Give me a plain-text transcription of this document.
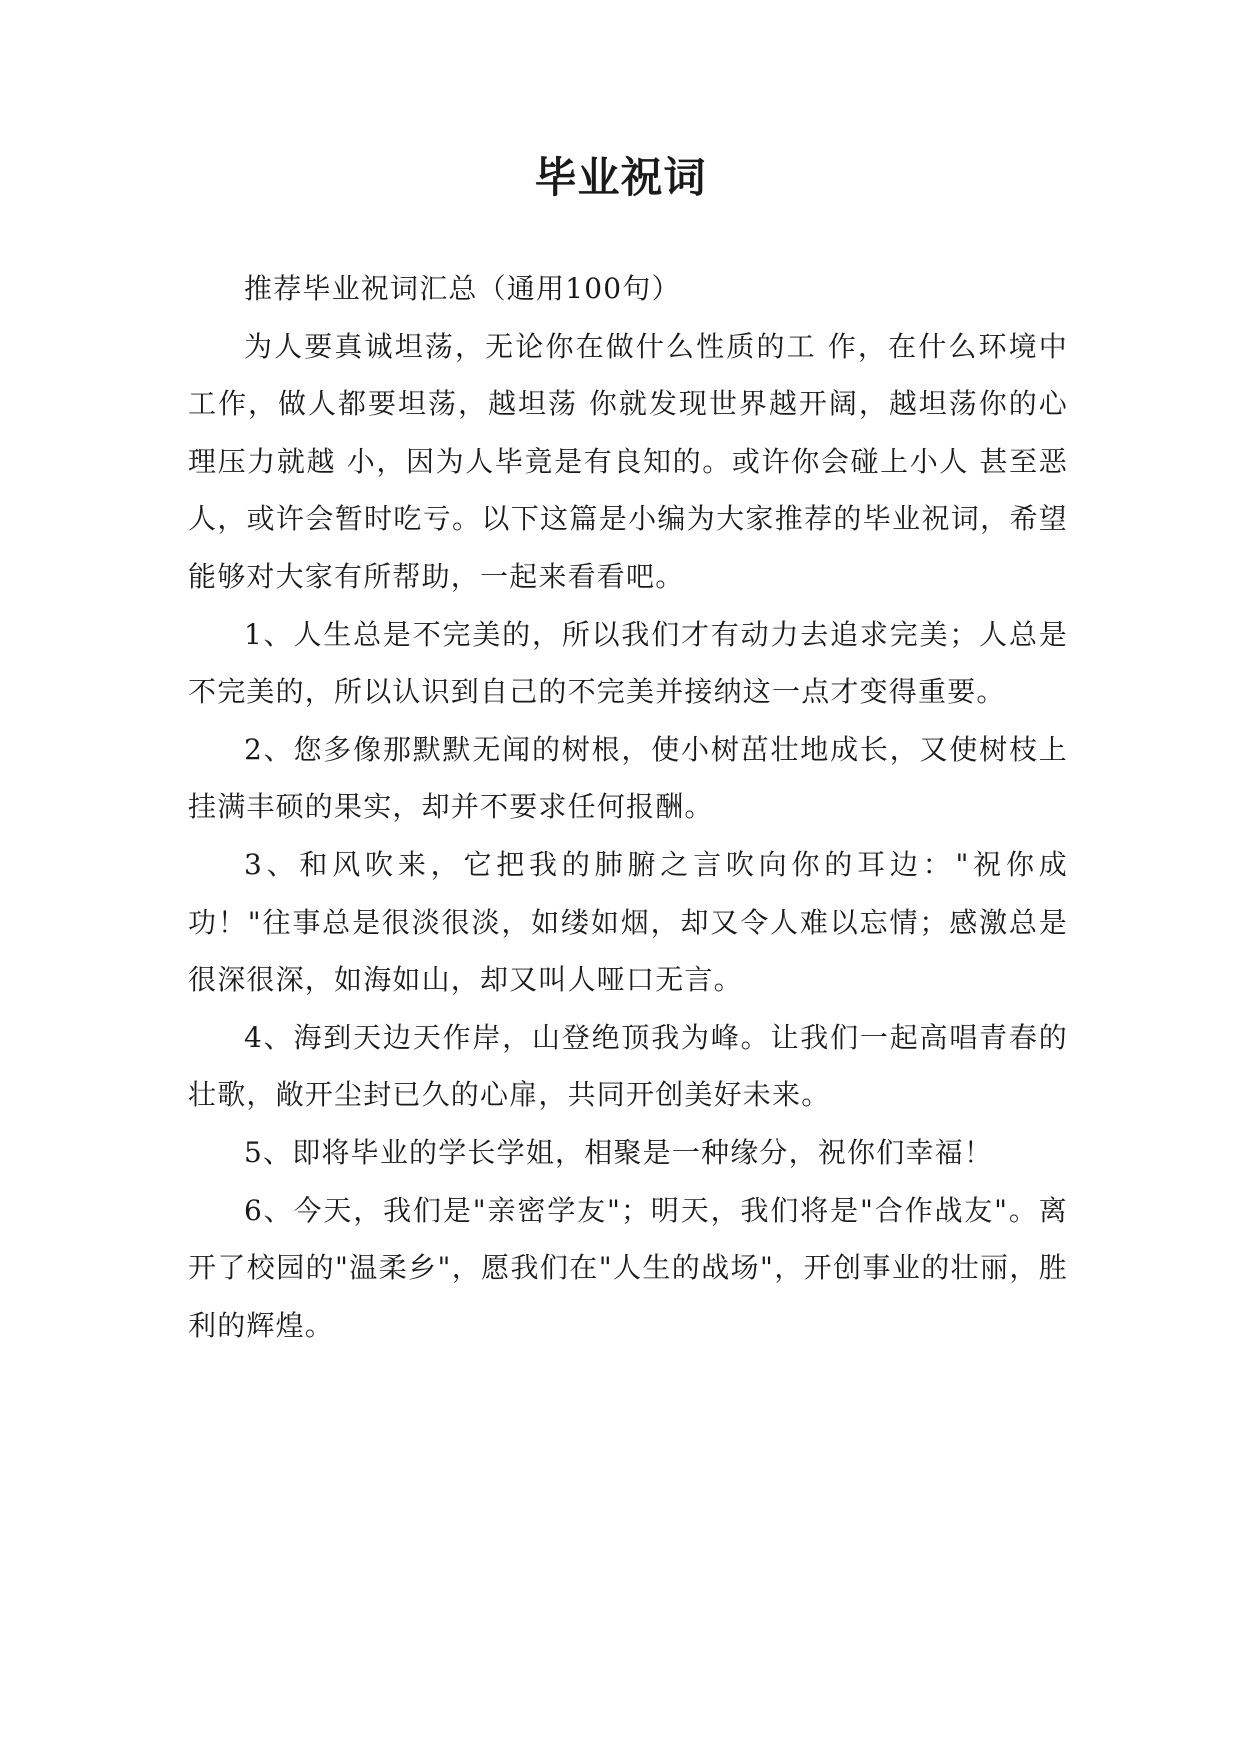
毕业祝词

推荐毕业祝词汇总（通用100句）

为人要真诚坦荡，无论你在做什么性质的工 作，在什么环境中工作，做人都要坦荡，越坦荡 你就发现世界越开阔，越坦荡你的心理压力就越 小，因为人毕竟是有良知的。或许你会碰上小人 甚至恶人，或许会暂时吃亏。以下这篇是小编为大家推荐的毕业祝词，希望能够对大家有所帮助，一起来看看吧。

1、人生总是不完美的，所以我们才有动力去追求完美；人总是不完美的，所以认识到自己的不完美并接纳这一点才变得重要。

2、您多像那默默无闻的树根，使小树茁壮地成长，又使树枝上挂满丰硕的果实，却并不要求任何报酬。

3、和风吹来，它把我的肺腑之言吹向你的耳边："祝你成功！"往事总是很淡很淡，如缕如烟，却又令人难以忘情；感激总是很深很深，如海如山，却又叫人哑口无言。

4、海到天边天作岸，山登绝顶我为峰。让我们一起高唱青春的壮歌，敞开尘封已久的心扉，共同开创美好未来。

5、即将毕业的学长学姐，相聚是一种缘分，祝你们幸福！

6、今天，我们是"亲密学友"；明天，我们将是"合作战友"。离开了校园的"温柔乡"，愿我们在"人生的战场"，开创事业的壮丽，胜利的辉煌。
